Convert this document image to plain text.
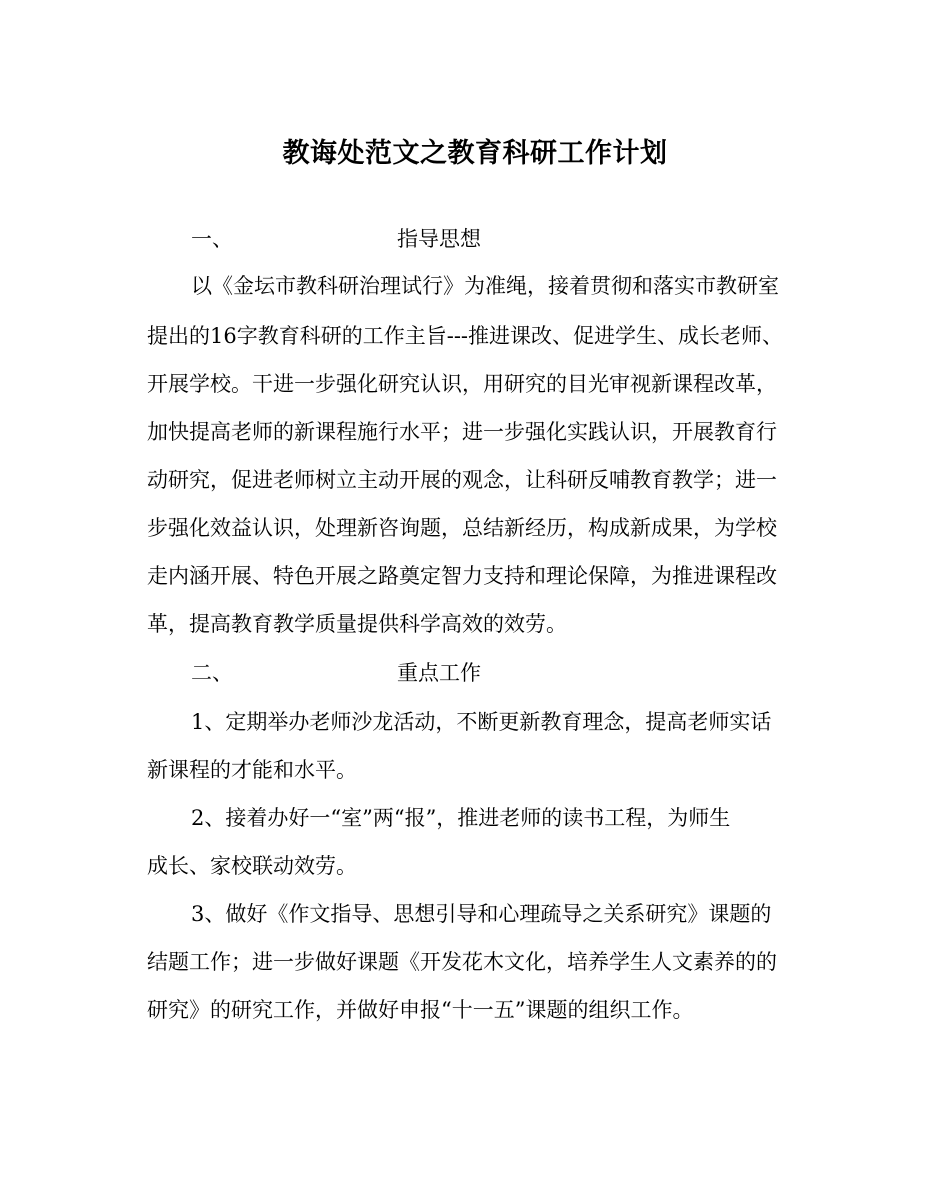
教诲处范文之教育科研工作计划
一、	指导思想
以《金坛市教科研治理试行》为准绳，接着贯彻和落实市教研室
提出的16字教育科研的工作主旨---推进课改、促进学生、成长老师、
开展学校。干进一步强化研究认识，用研究的目光审视新课程改革，
加快提高老师的新课程施行水平；进一步强化实践认识，开展教育行
动研究，促进老师树立主动开展的观念，让科研反哺教育教学；进一
步强化效益认识，处理新咨询题，总结新经历，构成新成果，为学校
走内涵开展、特色开展之路奠定智力支持和理论保障，为推进课程改
革，提高教育教学质量提供科学高效的效劳。
二、	重点工作
1、定期举办老师沙龙活动，不断更新教育理念，提高老师实话
新课程的才能和水平。
2、接着办好一“室”两“报”，推进老师的读书工程，为师生
成长、家校联动效劳。
3、做好《作文指导、思想引导和心理疏导之关系研究》课题的
结题工作；进一步做好课题《开发花木文化，培养学生人文素养的的
研究》的研究工作，并做好申报“十一五”课题的组织工作。
